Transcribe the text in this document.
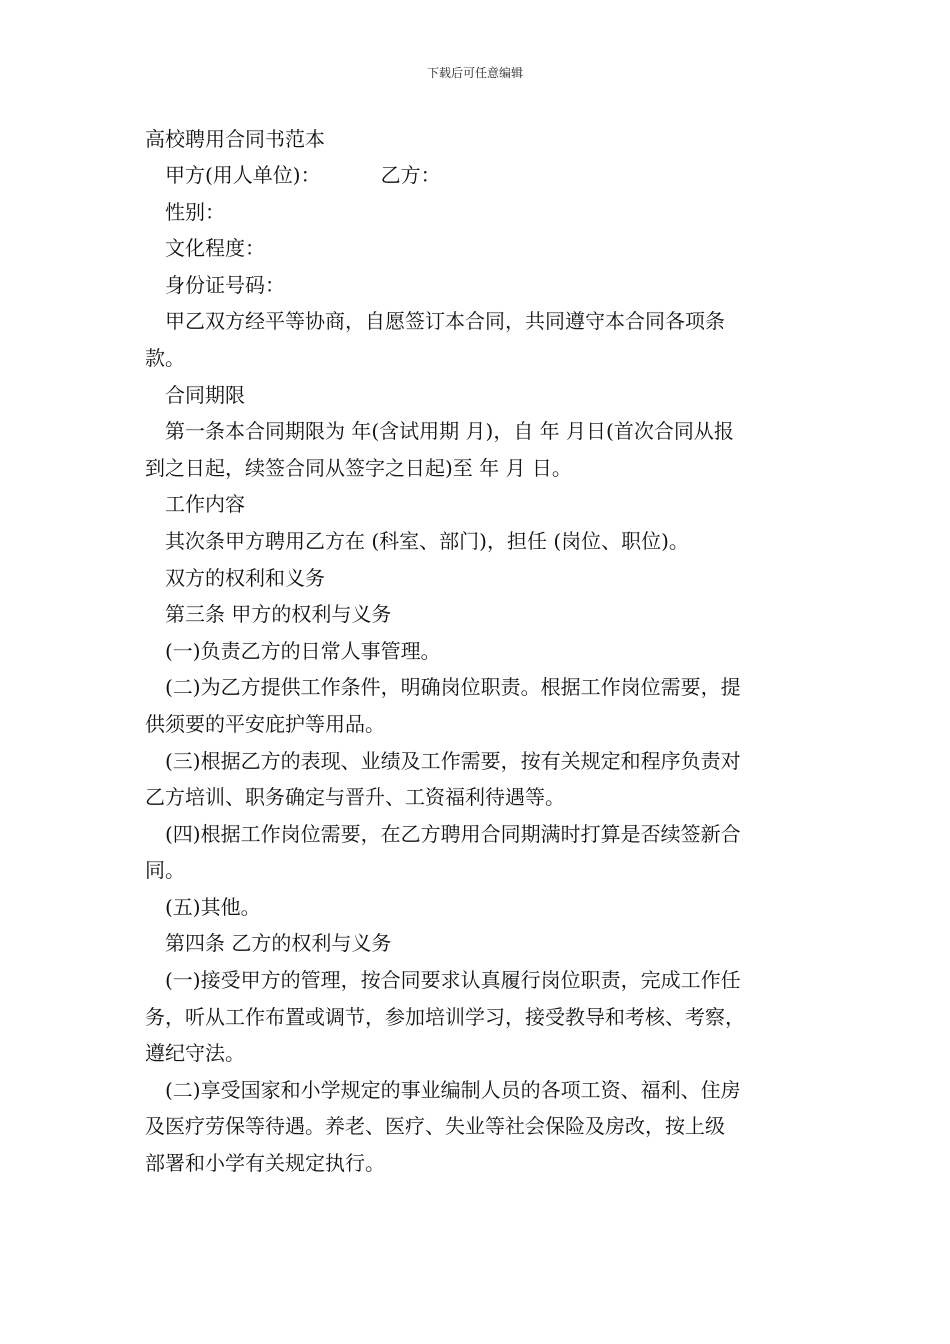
下载后可任意编辑
高校聘用合同书范本
甲方(用人单位)：	乙方：
性别：
文化程度：
身份证号码：
甲乙双方经平等协商，自愿签订本合同，共同遵守本合同各项条
款。
合同期限
第一条本合同期限为 年(含试用期 月)，自 年 月日(首次合同从报
到之日起，续签合同从签字之日起)至 年 月 日。
工作内容
其次条甲方聘用乙方在 (科室、部门)，担任 (岗位、职位)。
双方的权利和义务
第三条 甲方的权利与义务
(一)负责乙方的日常人事管理。
(二)为乙方提供工作条件，明确岗位职责。根据工作岗位需要，提
供须要的平安庇护等用品。
(三)根据乙方的表现、业绩及工作需要，按有关规定和程序负责对
乙方培训、职务确定与晋升、工资福利待遇等。
(四)根据工作岗位需要，在乙方聘用合同期满时打算是否续签新合
同。
(五)其他。
第四条 乙方的权利与义务
(一)接受甲方的管理，按合同要求认真履行岗位职责，完成工作任
务，听从工作布置或调节，参加培训学习，接受教导和考核、考察，
遵纪守法。
(二)享受国家和小学规定的事业编制人员的各项工资、福利、住房
及医疗劳保等待遇。养老、医疗、失业等社会保险及房改，按上级
部署和小学有关规定执行。
